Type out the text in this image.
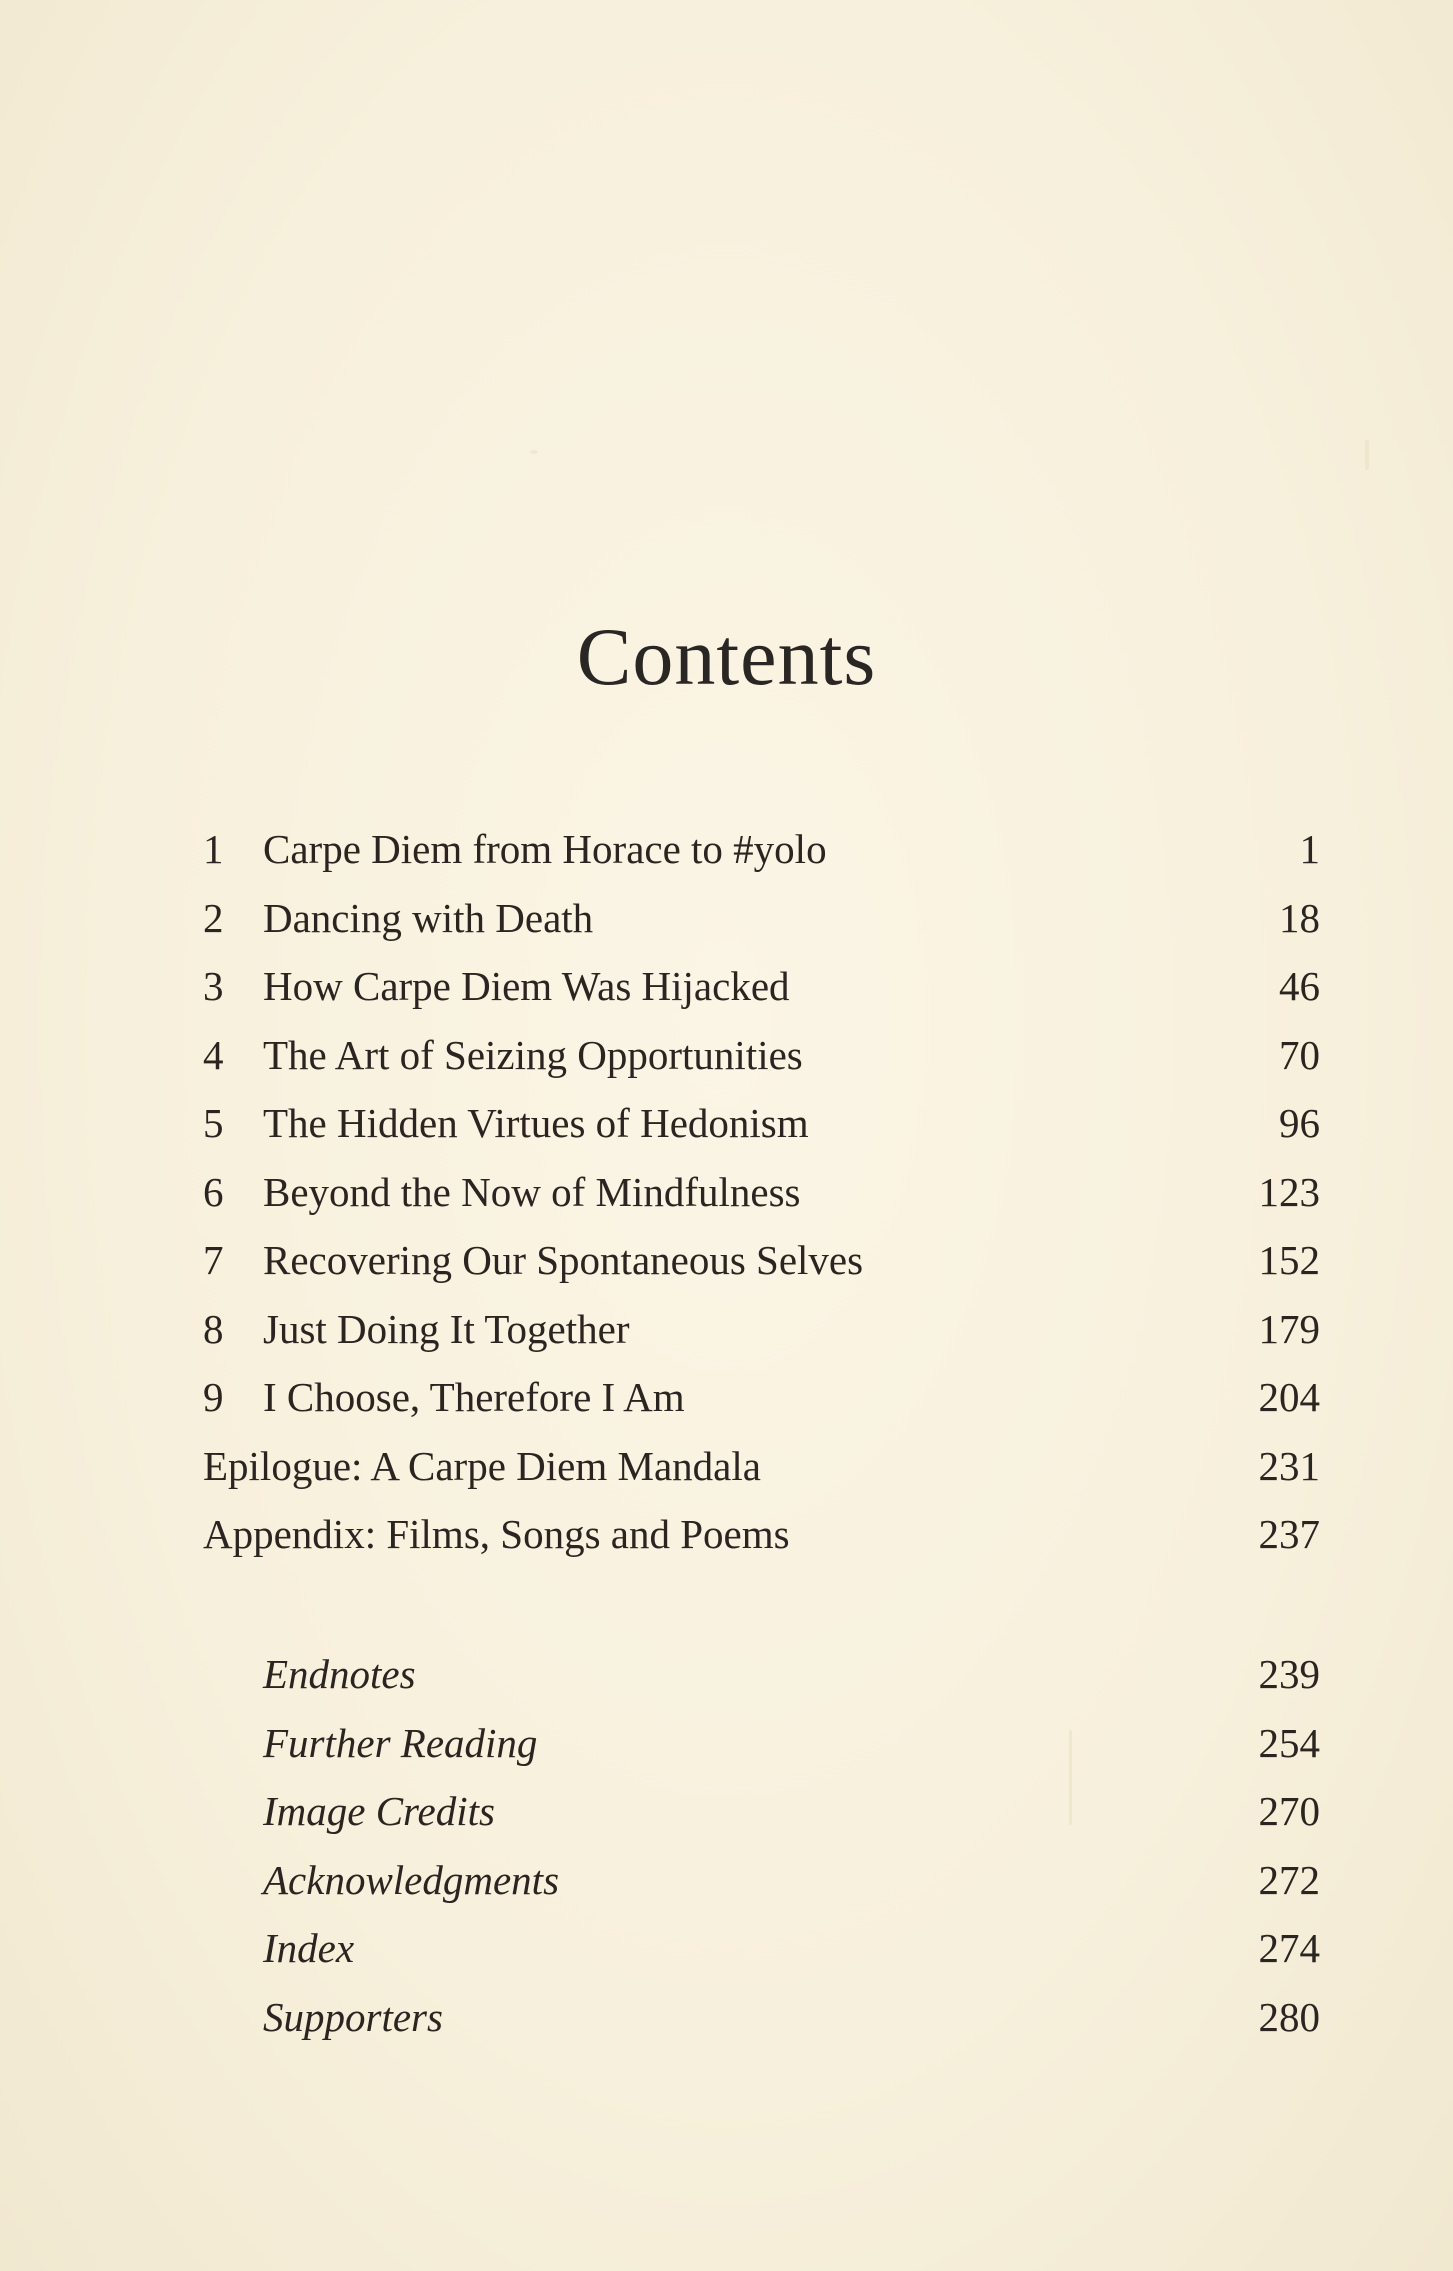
Contents
1 Carpe Diem from Horace to #yolo	1
2 Dancing with Death	18
3 How Carpe Diem Was Hijacked	46
4 The Art of Seizing Opportunities	70
5 The Hidden Virtues of Hedonism	96
6 Beyond the Now of Mindfulness	123
7 Recovering Our Spontaneous Selves	152
8 Just Doing It Together	179
9 I Choose, Therefore I Am	204
Epilogue: A Carpe Diem Mandala	231
Appendix: Films, Songs and Poems	237
Endnotes	239
Further Reading	254
Image Credits	270
Acknowledgments	272
Index	274
Supporters	280
